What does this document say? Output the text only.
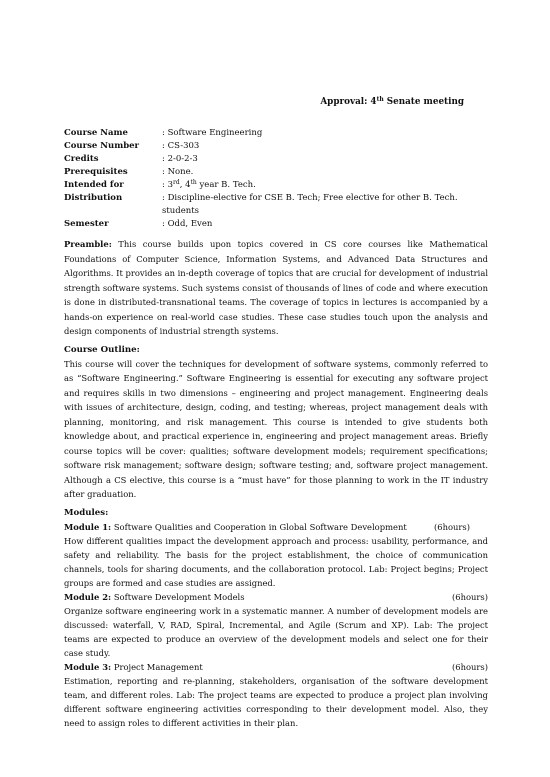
Approval: 4th Senate meeting
Course Name	: Software Engineering
Course Number	: CS-303
Credits	: 2-0-2-3
Prerequisites	: None.
Intended for	: 3rd, 4th year B. Tech.
Distribution	: Discipline-elective for CSE B. Tech; Free elective for other B. Tech. students
Semester	: Odd, Even

Preamble: This course builds upon topics covered in CS core courses like Mathematical Foundations of Computer Science, Information Systems, and Advanced Data Structures and Algorithms. It provides an in-depth coverage of topics that are crucial for development of industrial strength software systems. Such systems consist of thousands of lines of code and where execution is done in distributed-transnational teams. The coverage of topics in lectures is accompanied by a hands-on experience on real-world case studies. These case studies touch upon the analysis and design components of industrial strength systems.

Course Outline:

This course will cover the techniques for development of software systems, commonly referred to as “Software Engineering.” Software Engineering is essential for executing any software project and requires skills in two dimensions – engineering and project management. Engineering deals with issues of architecture, design, coding, and testing; whereas, project management deals with planning, monitoring, and risk management. This course is intended to give students both knowledge about, and practical experience in, engineering and project management areas. Briefly course topics will be cover: qualities; software development models; requirement specifications; software risk management; software design; software testing; and, software project management. Although a CS elective, this course is a “must have” for those planning to work in the IT industry after graduation.

Modules:
Module 1: Software Qualities and Cooperation in Global Software Development	(6hours)

How different qualities impact the development approach and process: usability, performance, and safety and reliability. The basis for the project establishment, the choice of communication channels, tools for sharing documents, and the collaboration protocol. Lab: Project begins; Project groups are formed and case studies are assigned.

Module 2: Software Development Models	(6hours)

Organize software engineering work in a systematic manner. A number of development models are discussed: waterfall, V, RAD, Spiral, Incremental, and Agile (Scrum and XP). Lab: The project teams are expected to produce an overview of the development models and select one for their case study.

Module 3: Project Management	(6hours)

Estimation, reporting and re-planning, stakeholders, organisation of the software development team, and different roles. Lab: The project teams are expected to produce a project plan involving different software engineering activities corresponding to their development model. Also, they need to assign roles to different activities in their plan.
